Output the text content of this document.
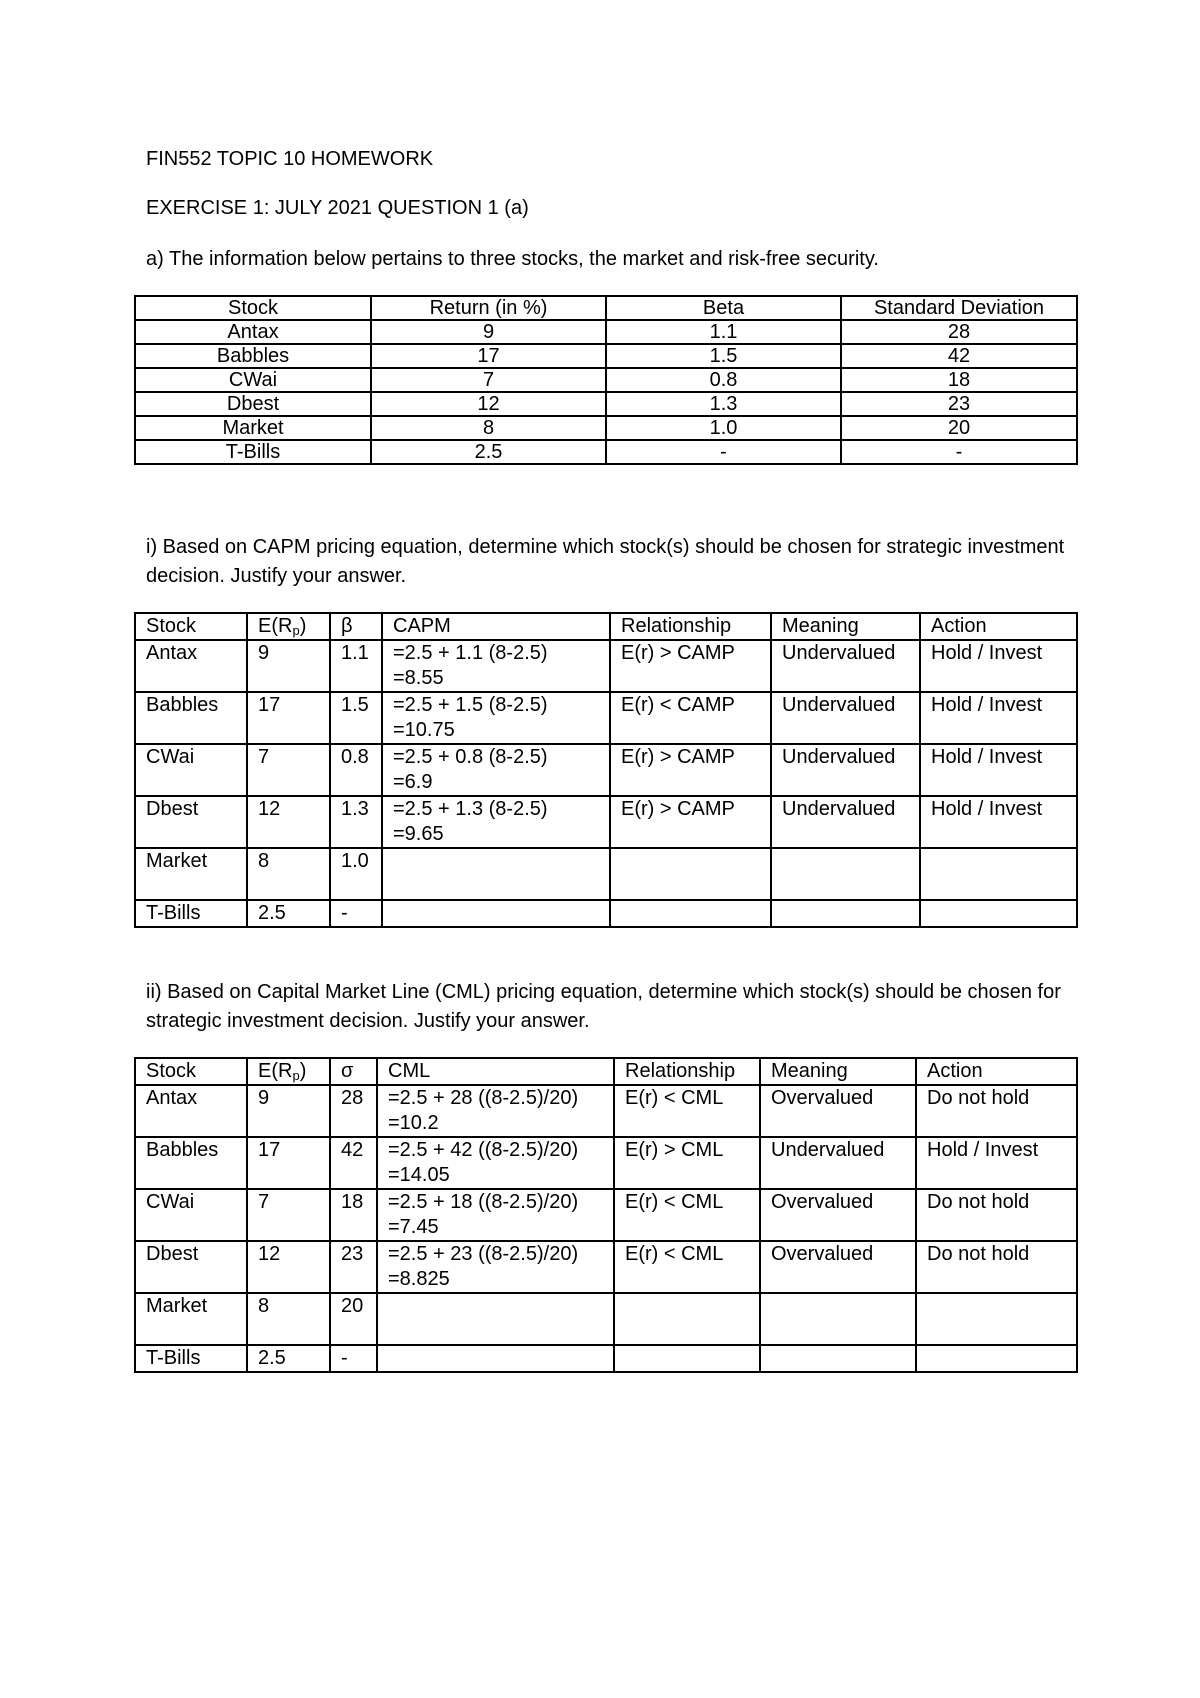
FIN552 TOPIC 10 HOMEWORK
EXERCISE 1: JULY 2021 QUESTION 1 (a)
a) The information below pertains to three stocks, the market and risk-free security.
Stock	Return (in %)	Beta	Standard Deviation
Antax	9	1.1	28
Babbles	17	1.5	42
CWai	7	0.8	18
Dbest	12	1.3	23
Market	8	1.0	20
T-Bills	2.5	-	-
i) Based on CAPM pricing equation, determine which stock(s) should be chosen for strategic investment decision. Justify your answer.
Stock	$E(R_p)$	β	CAPM	Relationship	Meaning	Action
Antax	9	1.1	=2.5 + 1.1 (8-2.5)
=8.55	E(r) > CAMP	Undervalued	Hold / Invest
Babbles	17	1.5	=2.5 + 1.5 (8-2.5)
=10.75	E(r) < CAMP	Undervalued	Hold / Invest
CWai	7	0.8	=2.5 + 0.8 (8-2.5)
=6.9	E(r) > CAMP	Undervalued	Hold / Invest
Dbest	12	1.3	=2.5 + 1.3 (8-2.5)
=9.65	E(r) > CAMP	Undervalued	Hold / Invest
Market	8	1.0				
T-Bills	2.5	-				
ii) Based on Capital Market Line (CML) pricing equation, determine which stock(s) should be chosen for strategic investment decision. Justify your answer.
Stock	$E(R_p)$	σ	CML	Relationship	Meaning	Action
Antax	9	28	=2.5 + 28 ((8-2.5)/20)
=10.2	E(r) < CML	Overvalued	Do not hold
Babbles	17	42	=2.5 + 42 ((8-2.5)/20)
=14.05	E(r) > CML	Undervalued	Hold / Invest
CWai	7	18	=2.5 + 18 ((8-2.5)/20)
=7.45	E(r) < CML	Overvalued	Do not hold
Dbest	12	23	=2.5 + 23 ((8-2.5)/20)
=8.825	E(r) < CML	Overvalued	Do not hold
Market	8	20				
T-Bills	2.5	-				
